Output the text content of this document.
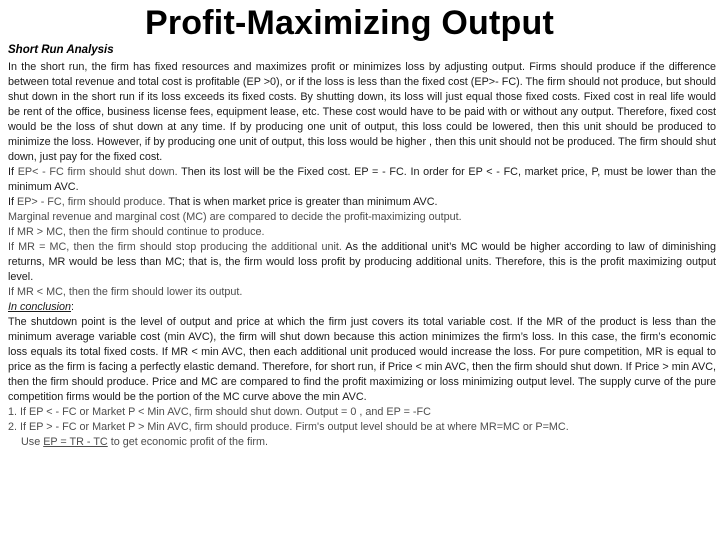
Profit-Maximizing Output
Short Run Analysis

In the short run, the firm has fixed resources and maximizes profit or minimizes loss by adjusting output. Firms should produce if the difference between total revenue and total cost is profitable (EP >0), or if the loss is less than the fixed cost (EP>- FC). The firm should not produce, but should shut down in the short run if its loss exceeds its fixed costs. By shutting down, its loss will just equal those fixed costs. Fixed cost in real life would be rent of the office, business license fees, equipment lease, etc. These cost would have to be paid with or without any output. Therefore, fixed cost would be the loss of shut down at any time. If by producing one unit of output, this loss could be lowered, then this unit should be produced to minimize the loss. However, if by producing one unit of output, this loss would be higher , then this unit should not be produced. The firm should shut down, just pay for the fixed cost.

If EP< - FC firm should shut down. Then its lost will be the Fixed cost. EP = - FC. In order for EP < - FC, market price, P, must be lower than the minimum AVC.

If EP> - FC, firm should produce. That is when market price is greater than minimum AVC.

Marginal revenue and marginal cost (MC) are compared to decide the profit-maximizing output.

If MR > MC, then the firm should continue to produce.

If MR = MC, then the firm should stop producing the additional unit. As the additional unit’s MC would be higher according to law of diminishing returns, MR would be less than MC; that is, the firm would loss profit by producing additional units. Therefore, this is the profit maximizing output level.

If MR < MC, then the firm should lower its output.

In conclusion:

The shutdown point is the level of output and price at which the firm just covers its total variable cost. If the MR of the product is less than the minimum average variable cost (min AVC), the firm will shut down because this action minimizes the firm’s loss. In this case, the firm’s economic loss equals its total fixed costs. If MR < min AVC, then each additional unit produced would increase the loss. For pure competition, MR is equal to price as the firm is facing a perfectly elastic demand. Therefore, for short run, if Price < min AVC, then the firm should shut down. If Price > min AVC, then the firm should produce. Price and MC are compared to find the profit maximizing or loss minimizing output level. The supply curve of the pure competition firms would be the portion of the MC curve above the min AVC.

1. If EP < - FC or Market P < Min AVC, firm should shut down. Output = 0 , and EP = -FC

2. If EP > - FC or Market P > Min AVC, firm should produce. Firm's output level should be at where MR=MC or P=MC.

Use EP = TR - TC to get economic profit of the firm.
